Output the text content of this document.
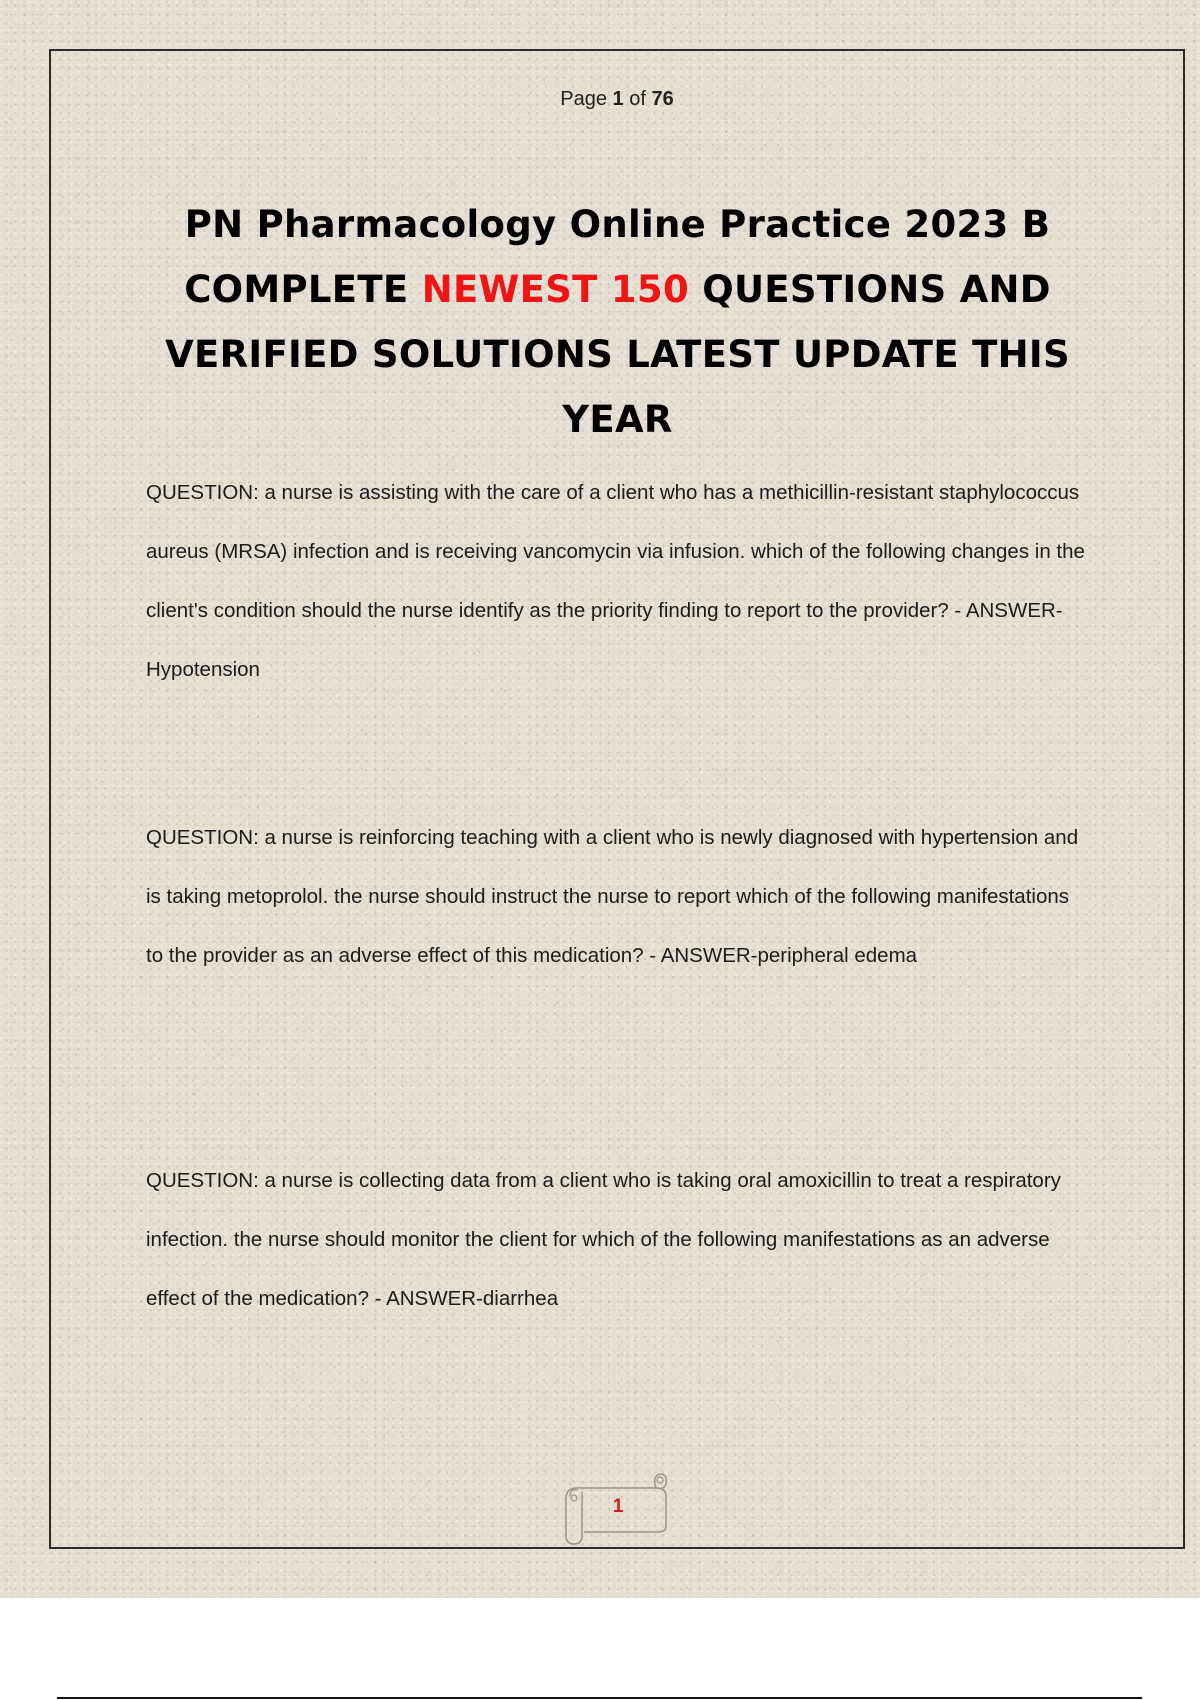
Page 1 of 76
PN Pharmacology Online Practice 2023 B COMPLETE NEWEST 150 QUESTIONS AND VERIFIED SOLUTIONS LATEST UPDATE THIS YEAR

QUESTION: a nurse is assisting with the care of a client who has a methicillin-resistant staphylococcus aureus (MRSA) infection and is receiving vancomycin via infusion. which of the following changes in the client's condition should the nurse identify as the priority finding to report to the provider? - ANSWER-Hypotension

QUESTION: a nurse is reinforcing teaching with a client who is newly diagnosed with hypertension and is taking metoprolol. the nurse should instruct the nurse to report which of the following manifestations to the provider as an adverse effect of this medication? - ANSWER-peripheral edema

QUESTION: a nurse is collecting data from a client who is taking oral amoxicillin to treat a respiratory infection. the nurse should monitor the client for which of the following manifestations as an adverse effect of the medication? - ANSWER-diarrhea

1
